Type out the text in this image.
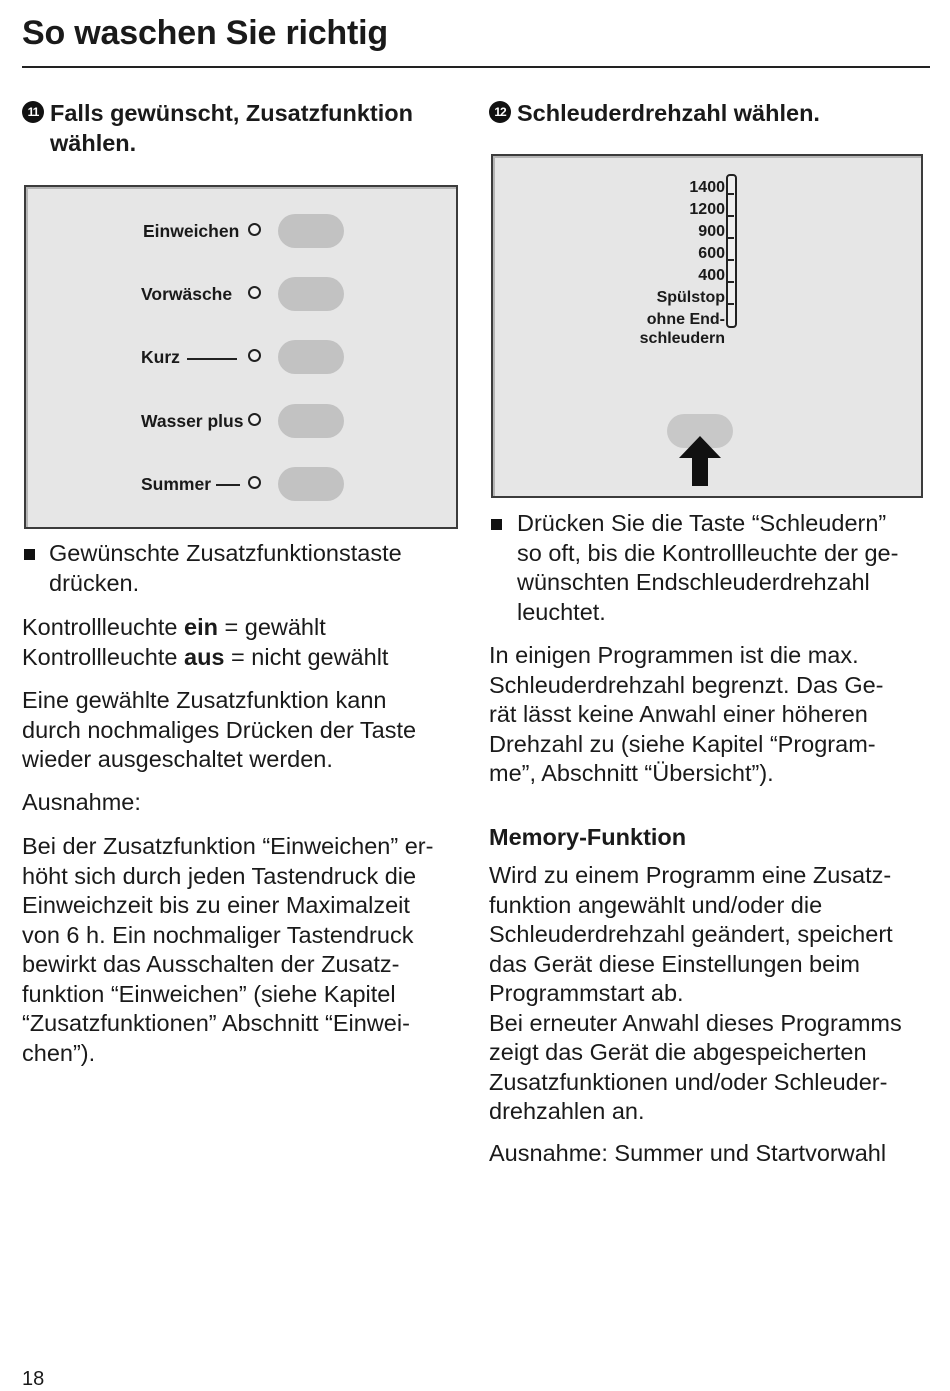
So waschen Sie richtig
11 Falls gewünscht, Zusatzfunktion
wählen.
Einweichen
Vorwäsche
Kurz
Wasser plus
Summer
Gewünschte Zusatzfunktionstaste
drücken.
Kontrollleuchte ein = gewählt
Kontrollleuchte aus = nicht gewählt
Eine gewählte Zusatzfunktion kann
durch nochmaliges Drücken der Taste
wieder ausgeschaltet werden.
Ausnahme:
Bei der Zusatzfunktion “Einweichen” er-
höht sich durch jeden Tastendruck die
Einweichzeit bis zu einer Maximalzeit
von 6 h. Ein nochmaliger Tastendruck
bewirkt das Ausschalten der Zusatz-
funktion “Einweichen” (siehe Kapitel
“Zusatzfunktionen” Abschnitt “Einwei-
chen”).
12 Schleuderdrehzahl wählen.
1400
1200
900
600
400
Spülstop
ohne End-
schleudern
Drücken Sie die Taste “Schleudern”
so oft, bis die Kontrollleuchte der ge-
wünschten Endschleuderdrehzahl
leuchtet.
In einigen Programmen ist die max.
Schleuderdrehzahl begrenzt. Das Ge-
rät lässt keine Anwahl einer höheren
Drehzahl zu (siehe Kapitel “Program-
me”, Abschnitt “Übersicht”).
Memory-Funktion
Wird zu einem Programm eine Zusatz-
funktion angewählt und/oder die
Schleuderdrehzahl geändert, speichert
das Gerät diese Einstellungen beim
Programmstart ab.
Bei erneuter Anwahl dieses Programms
zeigt das Gerät die abgespeicherten
Zusatzfunktionen und/oder Schleuder-
drehzahlen an.
Ausnahme: Summer und Startvorwahl
18
